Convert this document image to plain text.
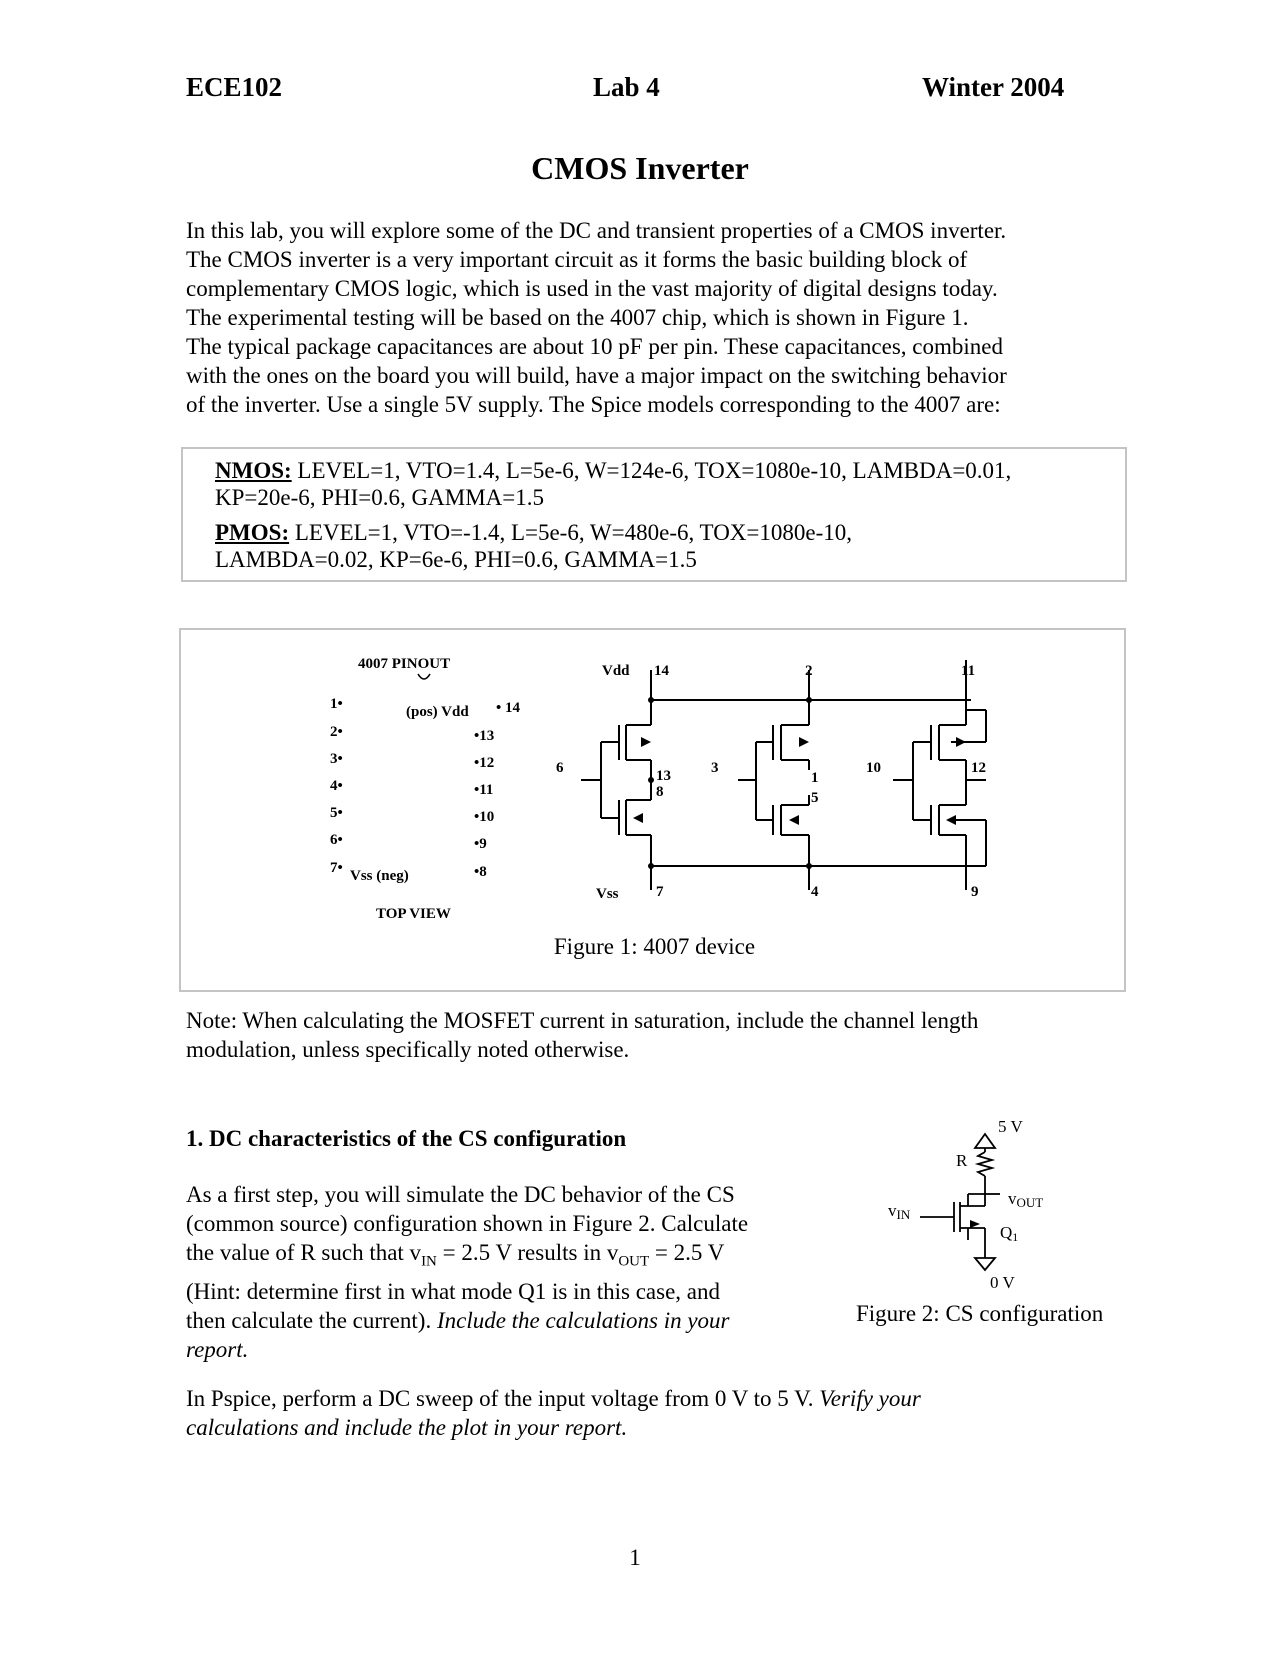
ECE102	Lab 4	Winter 2004
CMOS Inverter
In this lab, you will explore some of the DC and transient properties of a CMOS inverter.
The CMOS inverter is a very important circuit as it forms the basic building block of
complementary CMOS logic, which is used in the vast majority of digital designs today.
The experimental testing will be based on the 4007 chip, which is shown in Figure 1.
The typical package capacitances are about 10 pF per pin. These capacitances, combined
with the ones on the board you will build, have a major impact on the switching behavior
of the inverter. Use a single 5V supply. The Spice models corresponding to the 4007 are:
NMOS: LEVEL=1, VTO=1.4, L=5e-6, W=124e-6, TOX=1080e-10, LAMBDA=0.01,
KP=20e-6, PHI=0.6, GAMMA=1.5
PMOS: LEVEL=1, VTO=-1.4, L=5e-6, W=480e-6, TOX=1080e-10,
LAMBDA=0.02, KP=6e-6, PHI=0.6, GAMMA=1.5
4007 PINOUT
(pos) Vdd
1•
2•
3•
4•
5•
6•
7•
• 14
•13
•12
•11
•10
•9
•8
Vss (neg)
TOP VIEW
Vdd
Vss
14	2	11
6	13
8
3
1
5
10	12
7	4	9
Figure 1: 4007 device
Note: When calculating the MOSFET current in saturation, include the channel length
modulation, unless specifically noted otherwise.
1. DC characteristics of the CS configuration
As a first step, you will simulate the DC behavior of the CS
(common source) configuration shown in Figure 2. Calculate
the value of R such that $v_{IN} = 2.5$ V results in $v_{OUT} = 2.5$ V
(Hint: determine first in what mode Q1 is in this case, and
then calculate the current). Include the calculations in your
report.
5 V
R
vOUT
vIN
Q1
0 V
Figure 2: CS configuration
In Pspice, perform a DC sweep of the input voltage from 0 V to 5 V. Verify your
calculations and include the plot in your report.
1
